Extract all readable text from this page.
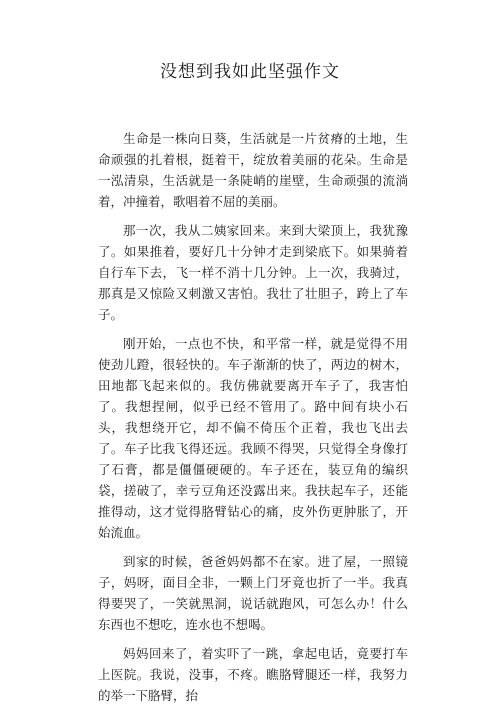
没想到我如此坚强作文

生命是一株向日葵，生活就是一片贫瘠的土地，生命顽强的扎着根，挺着干，绽放着美丽的花朵。生命是一泓清泉，生活就是一条陡峭的崖壁，生命顽强的流淌着，冲撞着，歌唱着不屈的美丽。

那一次，我从二姨家回来。来到大梁顶上，我犹豫了。如果推着，要好几十分钟才走到梁底下。如果骑着自行车下去，飞一样不消十几分钟。上一次，我骑过，那真是又惊险又刺激又害怕。我壮了壮胆子，跨上了车子。

刚开始，一点也不快，和平常一样，就是觉得不用使劲儿蹬，很轻快的。车子渐渐的快了，两边的树木，田地都飞起来似的。我仿佛就要离开车子了，我害怕了。我想捏闸，似乎已经不管用了。路中间有块小石头，我想绕开它，却不偏不倚压个正着，我也飞出去了。车子比我飞得还远。我顾不得哭，只觉得全身像打了石膏，都是僵僵硬硬的。车子还在，装豆角的编织袋，搓破了，幸亏豆角还没露出来。我扶起车子，还能推得动，这才觉得胳臂钻心的痛，皮外伤更肿胀了，开始流血。

到家的时候，爸爸妈妈都不在家。进了屋，一照镜子，妈呀，面目全非，一颗上门牙竟也折了一半。我真得要哭了，一笑就黑洞，说话就跑风，可怎么办！什么东西也不想吃，连水也不想喝。

妈妈回来了，着实吓了一跳，拿起电话，竟要打车上医院。我说，没事，不疼。瞧胳臂腿还一样，我努力的举一下胳臂，抬
